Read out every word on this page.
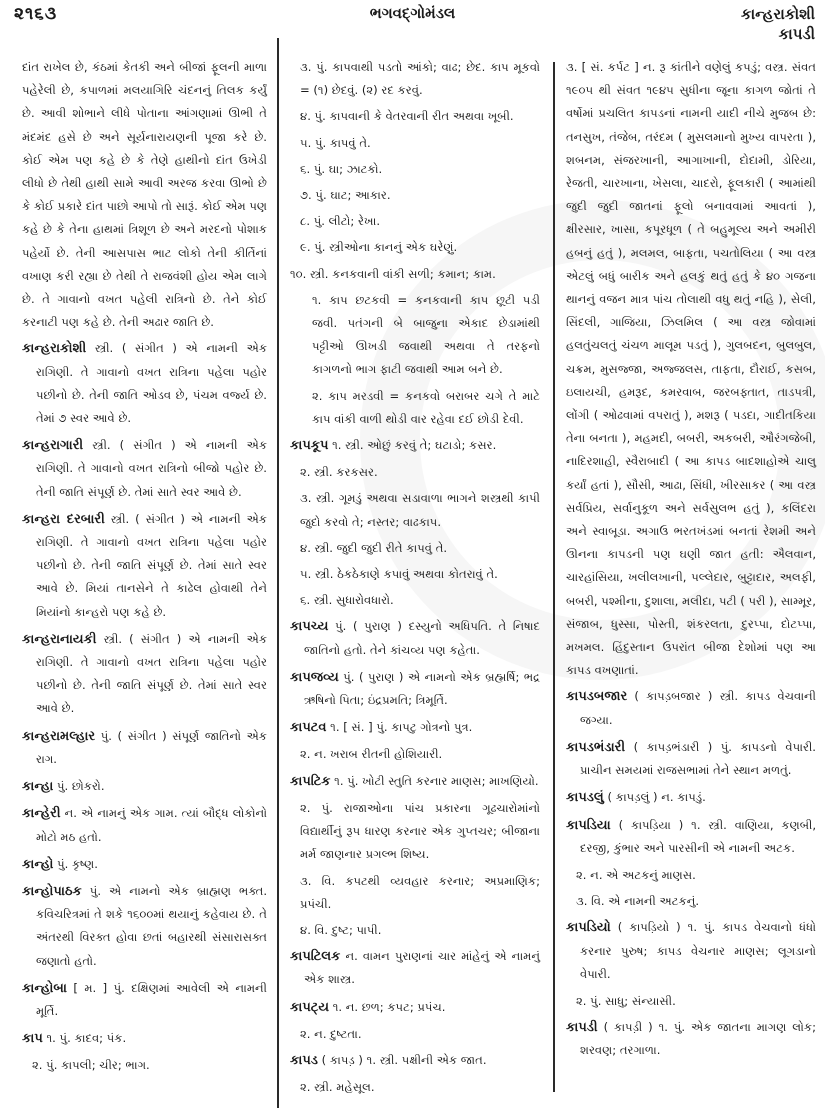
૨૧૬૩	ભગવદ્ગોમંડલ	કાન્હરાકોશી
કાપડી

દાંત રાખેલ છે, કંઠમાં કેતકી અને બીજાં ફૂલની માળા પહેરેલી છે, કપાળમાં મલયાગિરિ ચંદનનું તિલક કર્યું છે. આવી શોભાને લીધે પોતાના આંગણામાં ઊભી તે મંદમંદ હસે છે અને સૂર્યનારાયણની પૂજા કરે છે. કોઈ એમ પણ કહે છે કે તેણે હાથીનો દાંત ઉખેડી લીધો છે તેથી હાથી સામે આવી અરજ કરવા ઊભો છે કે કોઈ પ્રકારે દાંત પાછો આપો તો સારૂં. કોઈ એમ પણ કહે છે કે તેના હાથમાં ત્રિશૂળ છે અને મરદનો પોશાક પહેર્યો છે. તેની આસપાસ ભાટ લોકો તેની કીર્તિનાં વખાણ કરી રહ્યા છે તેથી તે રાજવંશી હોય એમ લાગે છે. તે ગાવાનો વખત પહેલી રાત્રિનો છે. તેને કોઈ કરનાટી પણ કહે છે. તેની અઢાર જાતિ છે.

કાન્હરાકોશી સ્ત્રી. ( સંગીત ) એ નામની એક રાગિણી. તે ગાવાનો વખત રાત્રિના પહેલા પહોર પછીનો છે. તેની જાતિ ઓડવ છે, પંચમ વર્જ્ય છે. તેમાં ૭ સ્વર આવે છે.

કાન્હરાગારી સ્ત્રી. ( સંગીત ) એ નામની એક રાગિણી. તે ગાવાનો વખત રાત્રિનો બીજો પહોર છે. તેની જાતિ સંપૂર્ણ છે. તેમાં સાતે સ્વર આવે છે.

કાન્હરા દરબારી સ્ત્રી. ( સંગીત ) એ નામની એક રાગિણી. તે ગાવાનો વખત રાત્રિના પહેલા પહોર પછીનો છે. તેની જાતિ સંપૂર્ણ છે. તેમાં સાતે સ્વર આવે છે. મિયાં તાનસેને તે કાઢેલ હોવાથી તેને મિયાંનો કાન્હરો પણ કહે છે.

કાન્હરાનાયકી સ્ત્રી. ( સંગીત ) એ નામની એક રાગિણી. તે ગાવાનો વખત રાત્રિના પહેલા પહોર પછીનો છે. તેની જાતિ સંપૂર્ણ છે. તેમાં સાતે સ્વર આવે છે.

કાન્હરામલ્હાર પું. ( સંગીત ) સંપૂર્ણ જાતિનો એક રાગ.

કાન્હા પું. છોકરો.

કાન્હેરી ન. એ નામનું એક ગામ. ત્યાં બૌદ્ધ લોકોનો મોટો મઠ હતો.

કાન્હો પું. કૃષ્ણ.

કાન્હોપાઠક પું. એ નામનો એક બ્રાહ્મણ ભક્ત. કવિચરિત્રમાં તે શકે ૧૬૦૦માં થયાનું કહેવાય છે. તે અંતરથી વિરક્ત હોવા છતાં બહારથી સંસારાસક્ત જણાતો હતો.

કાન્હોબા [ મ. ] પું. દક્ષિણમાં આવેલી એ નામની મૂર્તિ.

કાપ ૧. પું. કાદવ; પંક.

૨. પું. કાપલી; ચીર; ભાગ.

૩. પું. કાપવાથી પડતો આંકો; વાઢ; છેદ. કાપ મૂકવો = (૧) છેદવું. (૨) રદ કરવું.

૪. પું. કાપવાની કે વેતરવાની રીત અથવા ખૂબી.

૫. પું. કાપવું તે.

૬. પું. ઘા; ઝાટકો.

૭. પું. ઘાટ; આકાર.

૮. પું. લીટો; રેખા.

૯. પું. સ્ત્રીઓના કાનનું એક ઘરેણું.

૧૦. સ્ત્રી. કનકવાની વાંકી સળી; કમાન; કામ.

૧. કાપ છટકવી = કનકવાની કાપ છૂટી પડી જવી. પતંગની બે બાજુના એકાદ છેડામાંથી પટ્ટીઓ ઊખડી જવાથી અથવા તે તરફનો કાગળનો ભાગ ફાટી જવાથી આમ બને છે.

૨. કાપ મરડવી = કનકવો બરાબર ચગે તે માટે કાપ વાંકી વાળી થોડી વાર રહેવા દઈ છોડી દેવી.

કાપકૂપ ૧. સ્ત્રી. ઓછું કરવું તે; ઘટાડો; કસર.

૨. સ્ત્રી. કરકસર.

૩. સ્ત્રી. ગૂમડું અથવા સડાવાળા ભાગને શસ્ત્રથી કાપી જુદો કરવો તે; નસ્તર; વાઢકાપ.

૪. સ્ત્રી. જુદી જુદી રીતે કાપવું તે.

૫. સ્ત્રી. ઠેકઠેકાણે કપાવું અથવા કોતરાવું તે.

૬. સ્ત્રી. સુધારોવધારો.

કાપચ્ય પું. ( પુરાણ ) દસ્યુનો અધિપતિ. તે નિષાદ જાતિનો હતો. તેને કાંચવ્ય પણ કહેતા.

કાપજવ્ય પું. ( પુરાણ ) એ નામનો એક બ્રહ્મર્ષિ; ભદ્ર ઋષિનો પિતા; ઇંદ્રપ્રમતિ; ત્રિમૂર્તિ.

કાપટવ ૧. [ સં. ] પું. કાપટુ ગોત્રનો પુત્ર.

૨. ન. ખરાબ રીતની હોશિયારી.

કાપટિક ૧. પું. ખોટી સ્તુતિ કરનાર માણસ; માખણિયો.

૨. પું. રાજાઓના પાંચ પ્રકારના ગૂઢચારોમાંનો વિદ્યાર્થીનું રૂપ ધારણ કરનાર એક ગુપ્તચર; બીજાના મર્મ જાણનાર પ્રગલ્ભ શિષ્ય.

૩. વિ. કપટથી વ્યવહાર કરનાર; અપ્રમાણિક; પ્રપંચી.

૪. વિ. દુષ્ટ; પાપી.

કાપટિલક ન. વામન પુરાણનાં ચાર માંહેનું એ નામનું એક શાસ્ત્ર.

કાપટ્ય ૧. ન. છળ; કપટ; પ્રપંચ.

૨. ન. દુષ્ટતા.

કાપડ ( કાપડ઼ ) ૧. સ્ત્રી. પક્ષીની એક જાત.

૨. સ્ત્રી. મહેસૂલ.

૩. [ સં. કર્પટ ] ન. રૂ કાંતીને વણેલું કપડું; વસ્ત્ર. સંવત ૧૯૦૫ થી સંવત ૧૯૪૫ સુધીના જૂના કાગળ જોતાં તે વર્ષોમાં પ્રચલિત કાપડનાં નામની યાદી નીચે મુજબ છે: તનસુખ, તંજેબ, તરંદમ ( મુસલમાનો મુખ્ય વાપરતા ), શબનમ, સંજરખાની, આગાખાની, દોદામી, ડોરિયા, રેજતી, ચારખાના, ખેસલા, ચાદરો, ફૂલકારી ( આમાંથી જુદી જુદી જાતનાં ફૂલો બનાવવામાં આવતાં ), ક્ષીરસાર, ખાસા, કપૂરધૂળ ( તે બહુમૂલ્ય અને અમીરી હબનું હતું ), મલમલ, બાફતા, પચતોલિયા ( આ વસ્ત્ર એટલું બધું બારીક અને હલકું થતું હતું કે ૪૦ ગજના થાનનું વજન માત્ર પાંચ તોલાથી વધુ થતું નહિ ), સેલી, સિંદલી, ગાજિયા, ઝિલમિલ ( આ વસ્ત્ર જોવામાં હલતુંચલતું ચંચળ માલૂમ પડતું ), ગુલબદન, બુલબુલ, ચક્રમ, મુસજ્જા, અજ્જલસ, તાફતા, દૌરાઈ, કસબ, ઇલાયચી, હમરૂદ, કમરવાબ, જરબફ્તાત, તાડપત્રી, લોંગી ( ઓઢવામાં વપરાતું ), મશરૂ ( પડદા, ગાદીતકિયા તેના બનતા ), મહમદી, બબરી, અકબરી, ઔરંગજેબી, નાદિરશાહી, સ્વૈરાબાદી ( આ કાપડ બાદશાહોએ ચાલુ કર્યાં હતાં ), સૌસી, આઢા, સિંધી, ખીરસાકર ( આ વસ્ત્ર સર્વપ્રિય, સર્વાનુકૂળ અને સર્વસુલભ હતું ), કલિંદરા અને સ્વાબૂડા. અગાઉ ભરતખંડમાં બનતાં રેશમી અને ઊનના કાપડની પણ ઘણી જાત હતી: ઐલવાન, ચારહાંસિયા, ખલીલખાની, પલ્લેદાર, બુટ્ટાદાર, અલફી, બબરી, પશ્મીના, દુશાલા, મલીદા, પટી ( પરી ), સામ્મૂર, સંજાબ, ધુસ્સા, પોસ્તી, શંકરલતા, દુરપ્પા, દોટપ્પા, મખમલ. હિંદુસ્તાન ઉપરાંત બીજા દેશોમાં પણ આ કાપડ વખણાતાં.

કાપડબજાર ( કાપડ઼બજાર ) સ્ત્રી. કાપડ વેચવાની જગ્યા.

કાપડભંડારી ( કાપડ઼ભંડારી ) પું. કાપડનો વેપારી. પ્રાચીન સમયમાં રાજસભામાં તેને સ્થાન મળતું.

કાપડલું ( કાપડ઼લું ) ન. કાપડું.

કાપડિયા ( કાપડ઼િયા ) ૧. સ્ત્રી. વાણિયા, કણબી, દરજી, કુંભાર અને પારસીની એ નામની અટક.

૨. ન. એ અટકનું માણસ.

૩. વિ. એ નામની અટકનું.

કાપડિયો ( કાપડ઼િયો ) ૧. પું. કાપડ વેચવાનો ધંધો કરનાર પુરુષ; કાપડ વેચનાર માણસ; લૂગડાનો વેપારી.

૨. પું. સાધુ; સંન્યાસી.

કાપડી ( કાપડ઼ી ) ૧. પું. એક જાતના માગણ લોક; શરવણ; તરગાળા.
